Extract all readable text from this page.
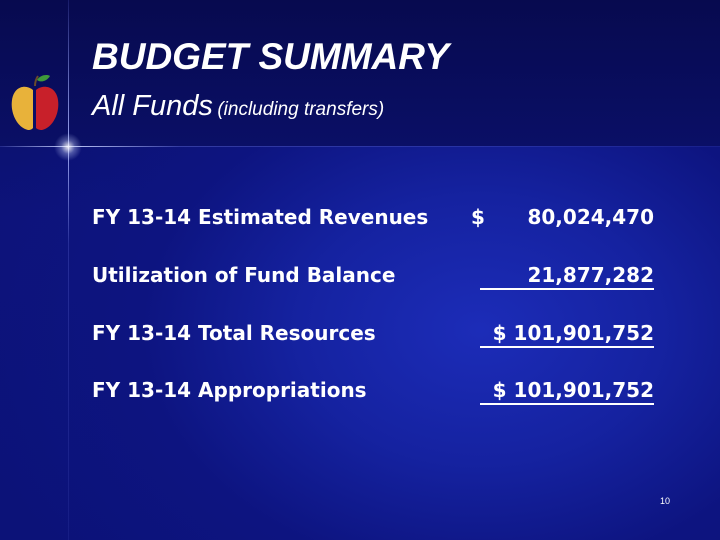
BUDGET SUMMARY
All Funds (including transfers)
FY 13-14 Estimated Revenues $ 80,024,470
Utilization of Fund Balance	21,877,282
FY 13-14 Total Resources	$ 101,901,752
FY 13-14 Appropriations	$ 101,901,752
10
